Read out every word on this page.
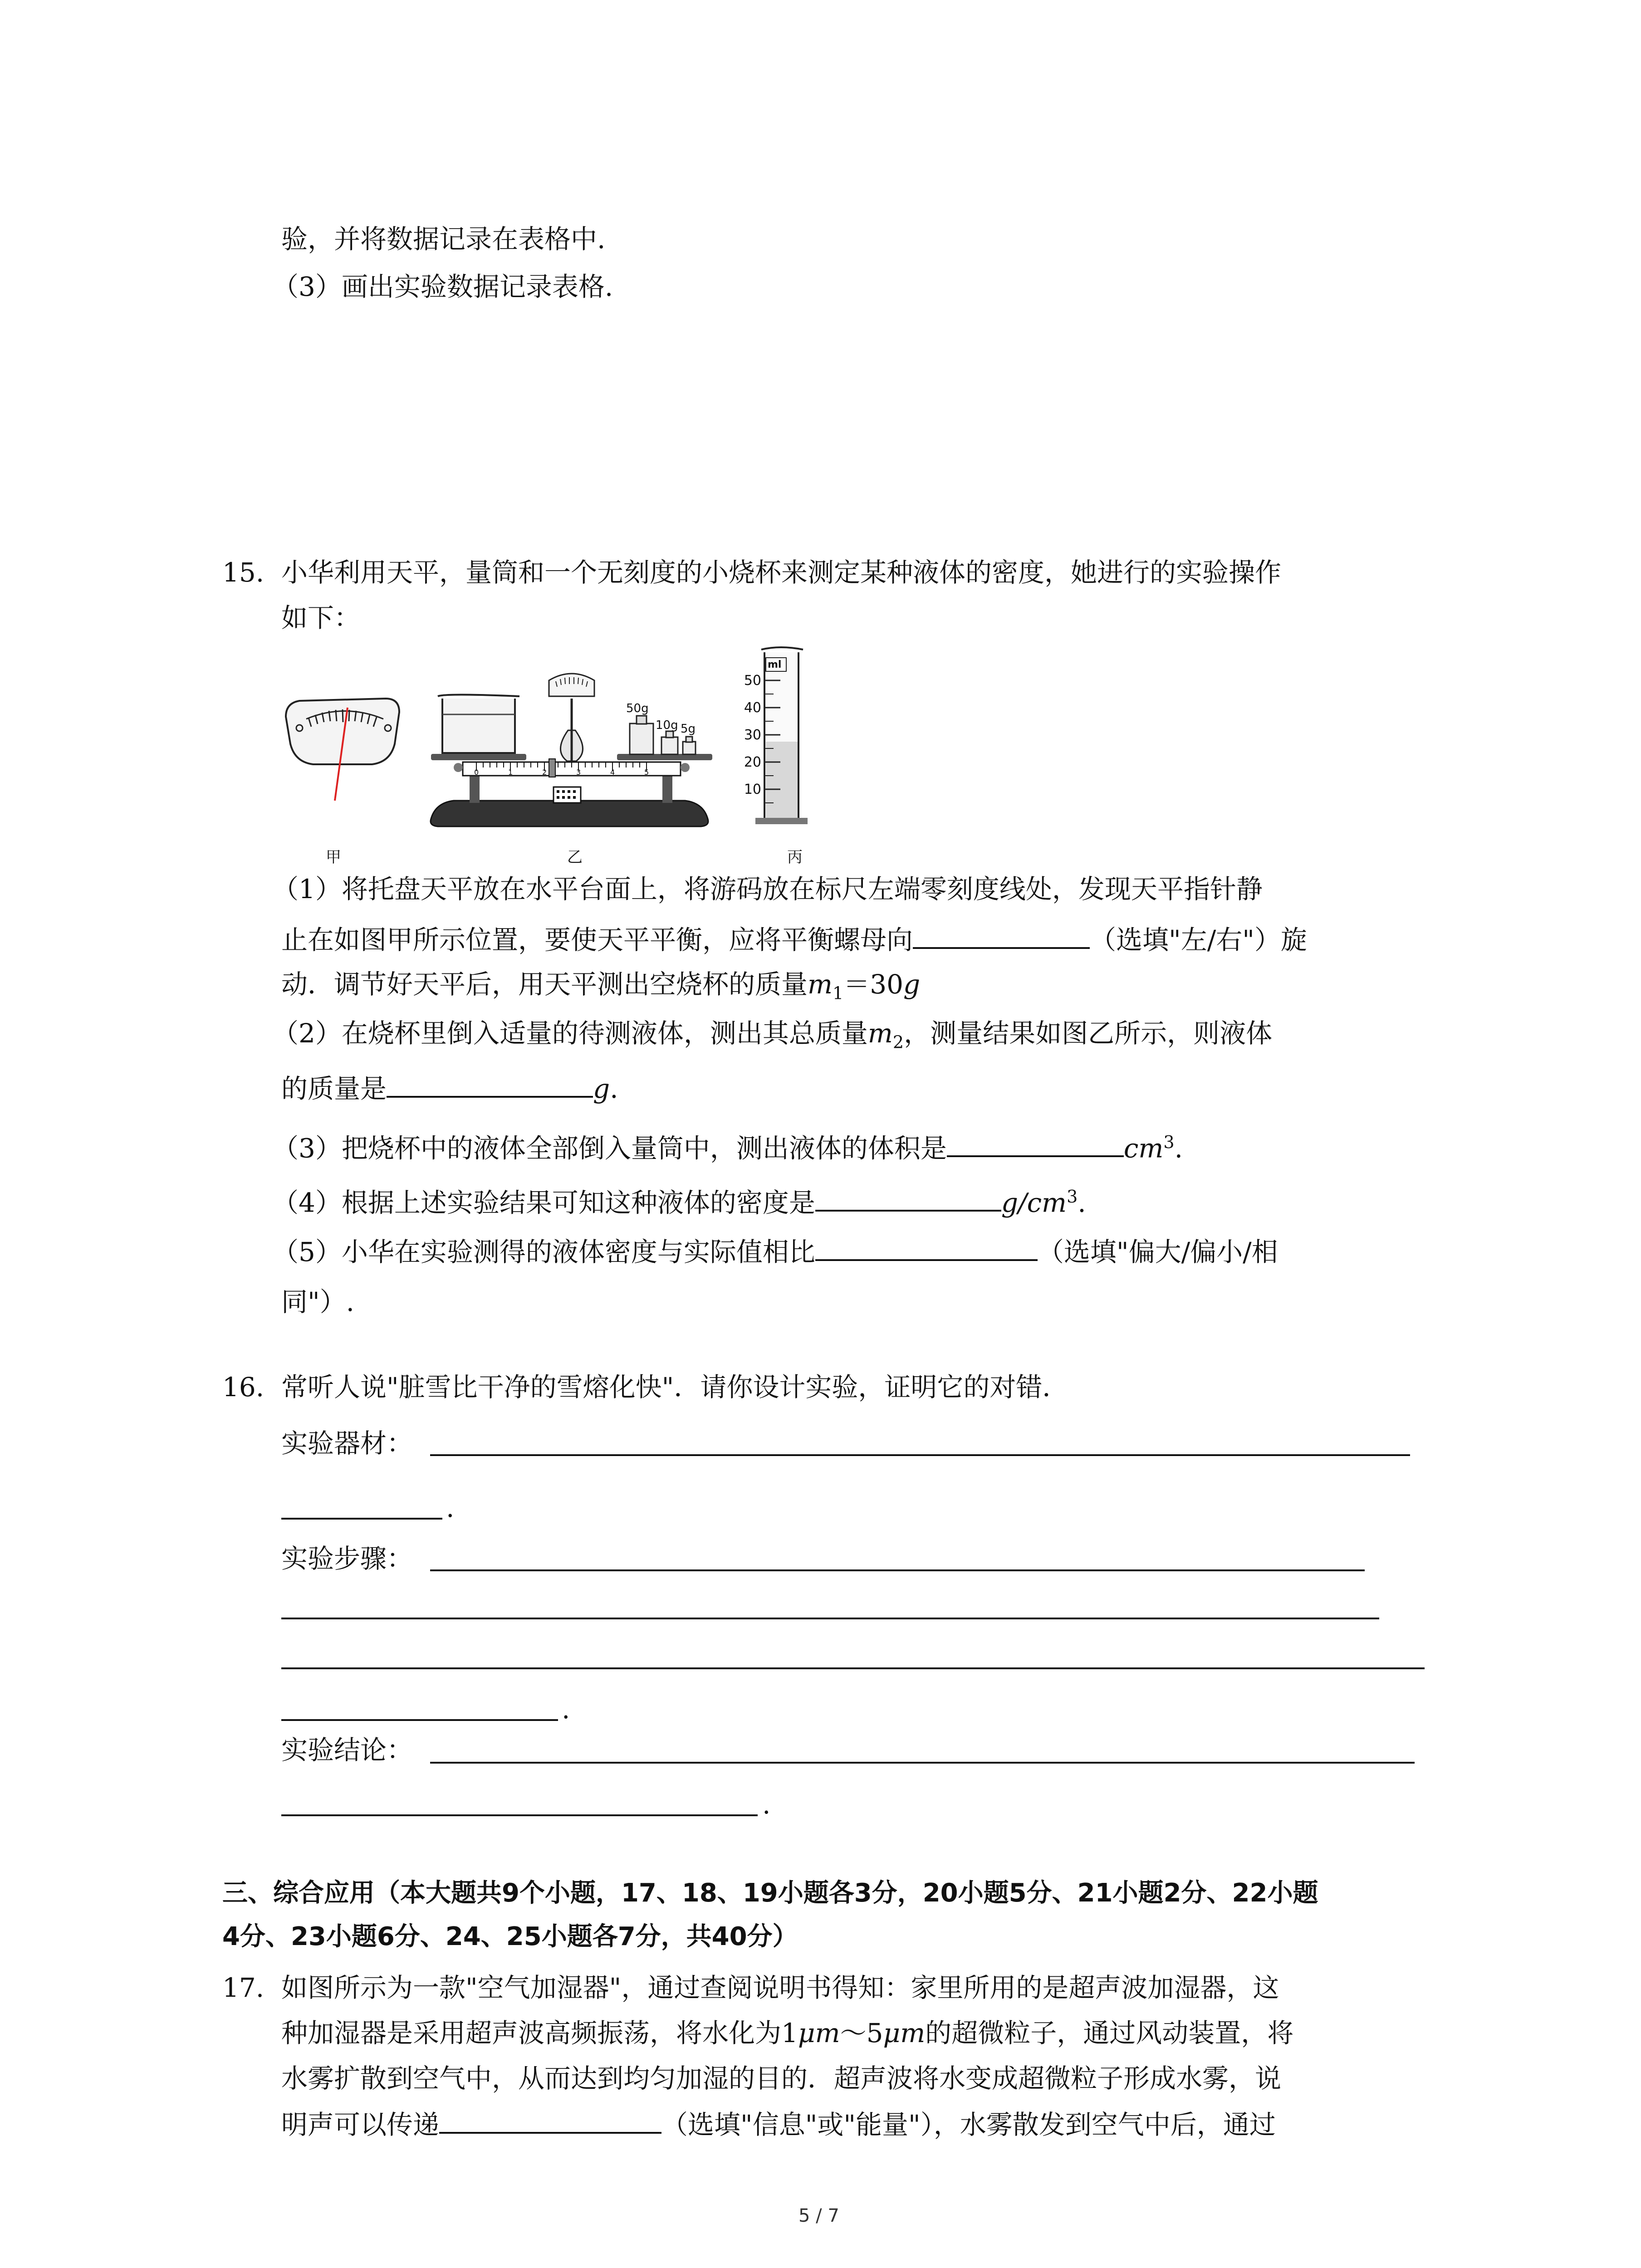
验，并将数据记录在表格中.
（3）画出实验数据记录表格.
15. 小华利用天平，量筒和一个无刻度的小烧杯来测定某种液体的密度，她进行的实验操作
如下：
0	1	2	3	4	5
50g
10g 5g
ml
50
40
30
20
10
甲	乙	丙
（1）将托盘天平放在水平台面上，将游码放在标尺左端零刻度线处，发现天平指针静
止在如图甲所示位置，要使天平平衡，应将平衡螺母向	（选填"左/右"）旋
动．调节好天平后，用天平测出空烧杯的质量$m_1=30g$
（2）在烧杯里倒入适量的待测液体，测出其总质量$m_2$，测量结果如图乙所示，则液体
的质量是	g.
（3）把烧杯中的液体全部倒入量筒中，测出液体的体积是	$cm^3$.
（4）根据上述实验结果可知这种液体的密度是	$g/cm^3$.
（5）小华在实验测得的液体密度与实际值相比	（选填"偏大/偏小/相
同"）.
16. 常听人说"脏雪比干净的雪熔化快"．请你设计实验，证明它的对错．
实验器材：
.
实验步骤：
.
实验结论：
.
三、综合应用（本大题共9个小题，17、18、19小题各3分，20小题5分、21小题2分、22小题
4分、23小题6分、24、25小题各7分，共40分）
17. 如图所示为一款"空气加湿器"，通过查阅说明书得知：家里所用的是超声波加湿器，这
种加湿器是采用超声波高频振荡，将水化为1μm～5μm的超微粒子，通过风动装置，将
水雾扩散到空气中，从而达到均匀加湿的目的．超声波将水变成超微粒子形成水雾，说
明声可以传递	（选填"信息"或"能量"），水雾散发到空气中后，通过
5 / 7
